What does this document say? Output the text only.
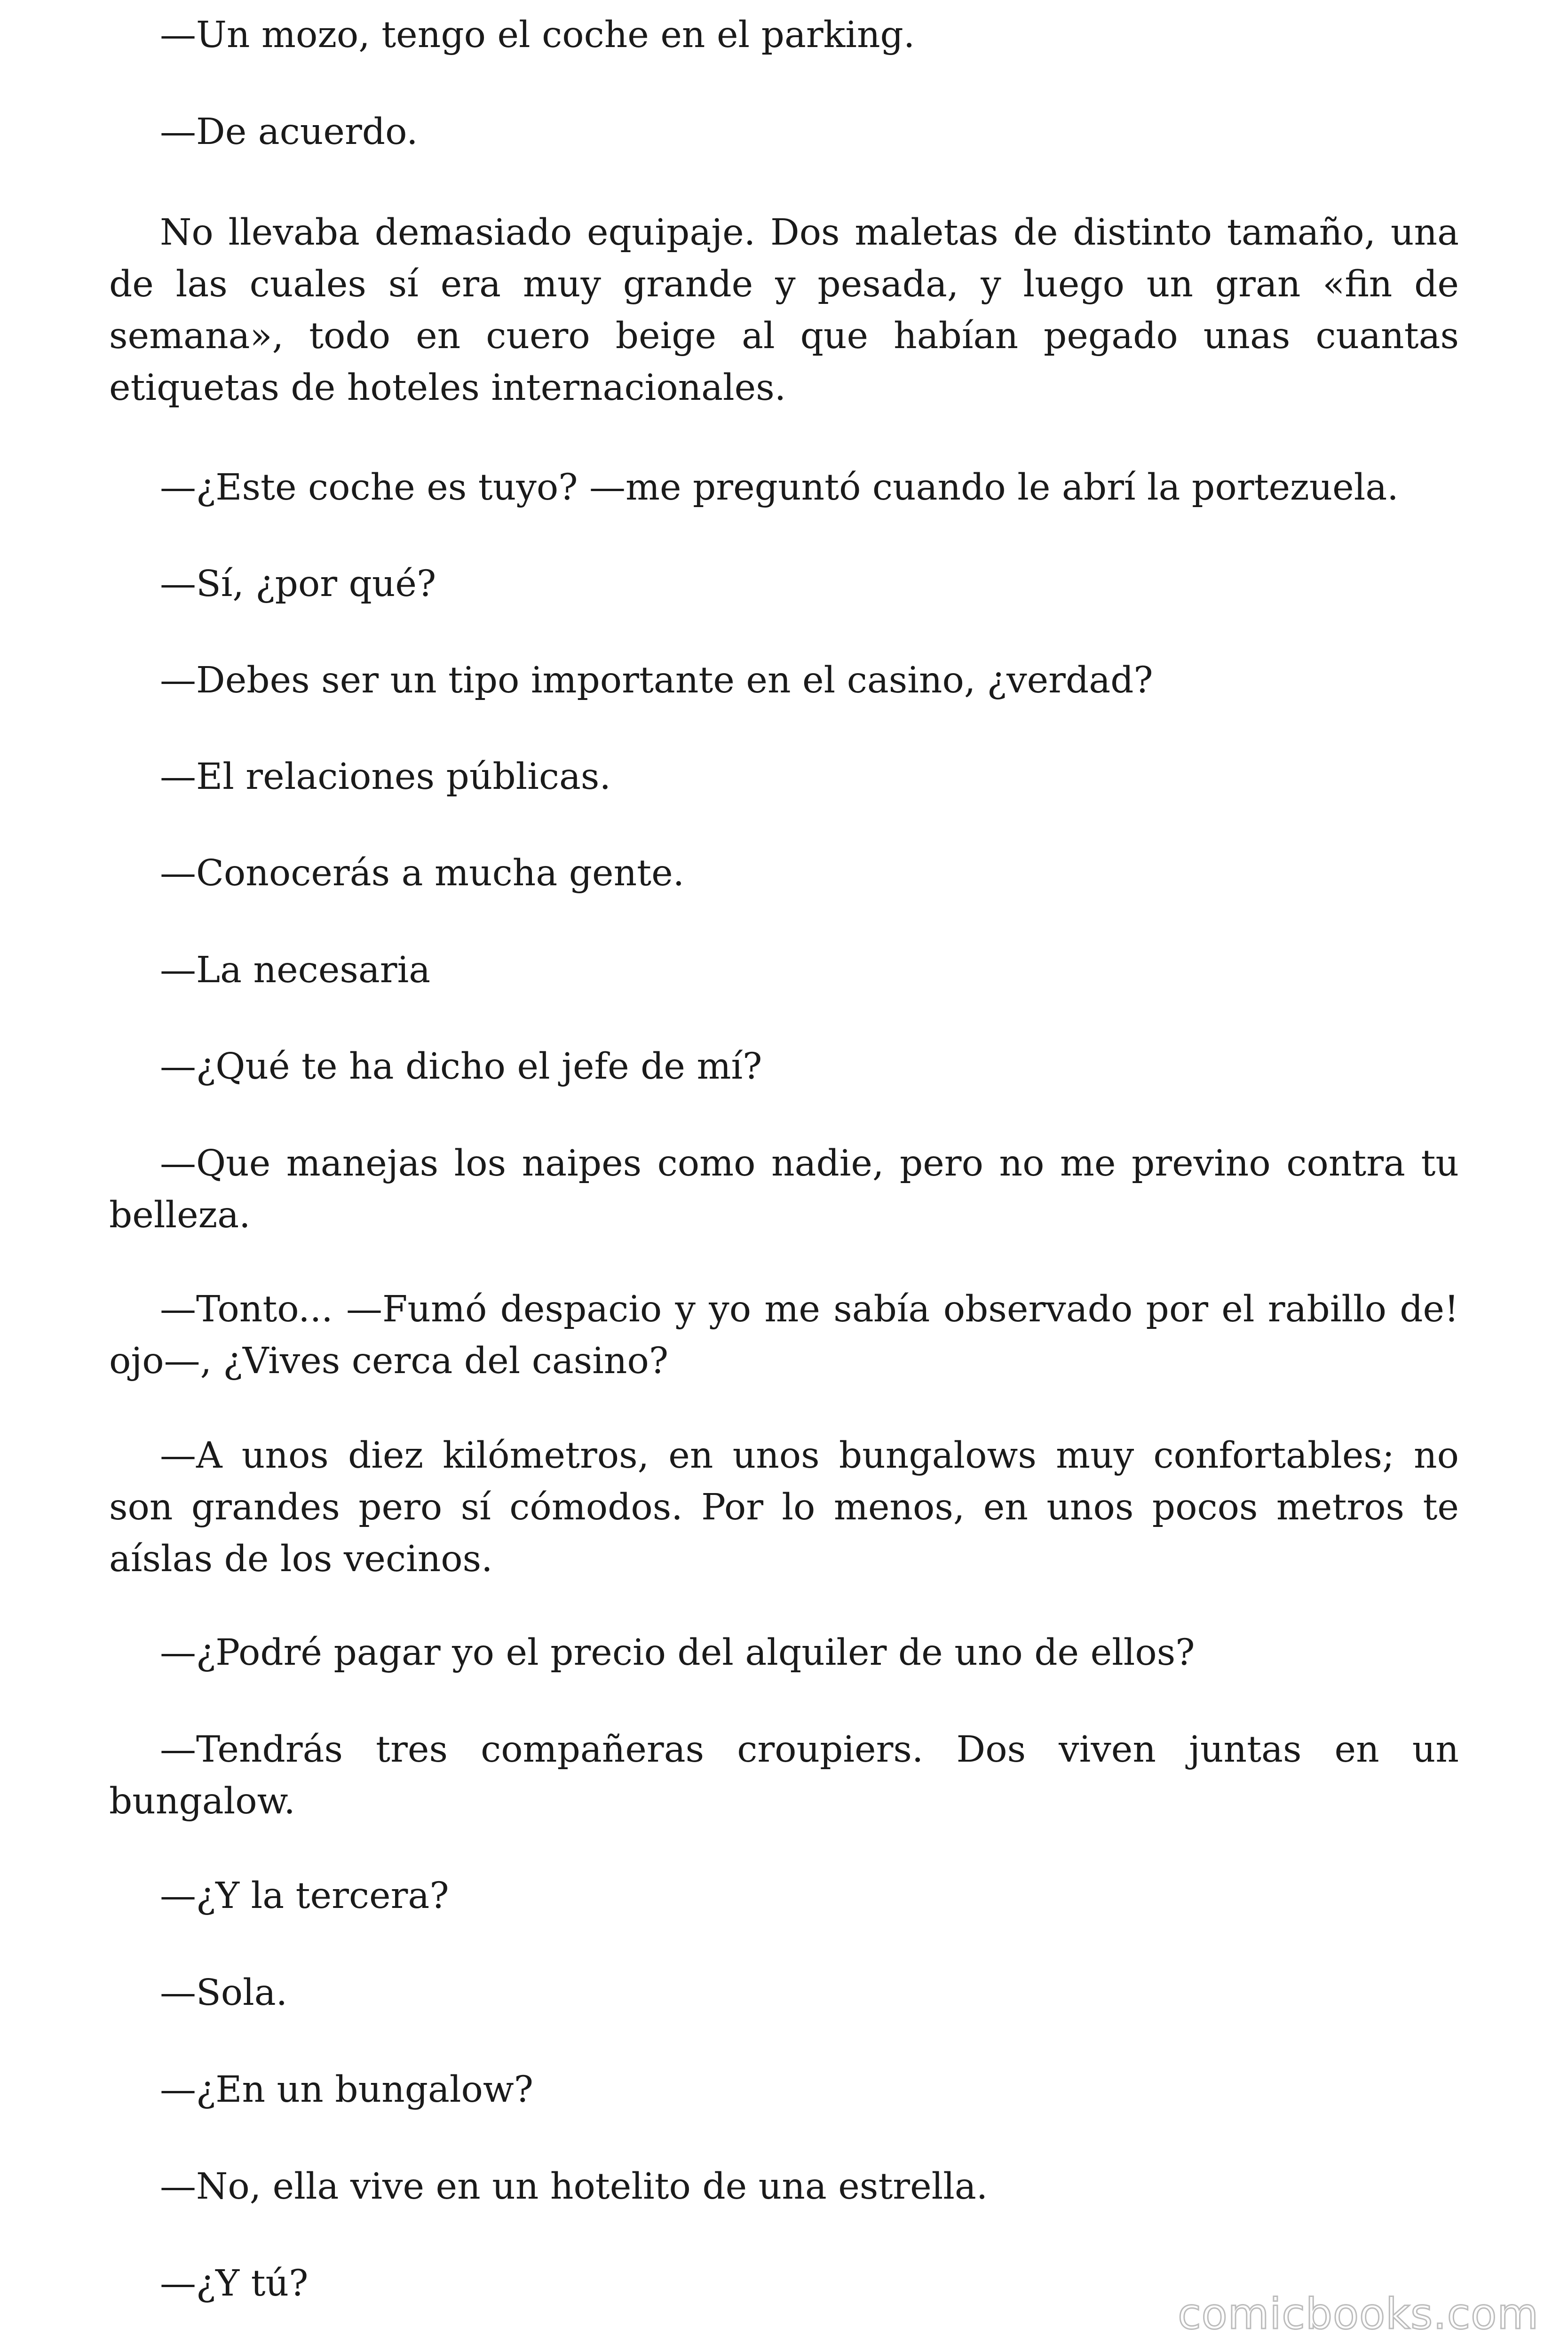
—Un mozo, tengo el coche en el parking.

—De acuerdo.

No llevaba demasiado equipaje. Dos maletas de distinto tamaño, una de las cuales sí era muy grande y pesada, y luego un gran «fin de semana», todo en cuero beige al que habían pegado unas cuantas etiquetas de hoteles internacionales.

—¿Este coche es tuyo? —me preguntó cuando le abrí la portezuela.

—Sí, ¿por qué?

—Debes ser un tipo importante en el casino, ¿verdad?

—El relaciones públicas.

—Conocerás a mucha gente.

—La necesaria

—¿Qué te ha dicho el jefe de mí?

—Que manejas los naipes como nadie, pero no me previno contra tu belleza.

—Tonto... —Fumó despacio y yo me sabía observado por el rabillo de! ojo—, ¿Vives cerca del casino?

—A unos diez kilómetros, en unos bungalows muy confortables; no son grandes pero sí cómodos. Por lo menos, en unos pocos metros te aíslas de los vecinos.

—¿Podré pagar yo el precio del alquiler de uno de ellos?

—Tendrás tres compañeras croupiers. Dos viven juntas en un bungalow.

—¿Y la tercera?

—Sola.

—¿En un bungalow?

—No, ella vive en un hotelito de una estrella.

—¿Y tú?

comicbooks.com
